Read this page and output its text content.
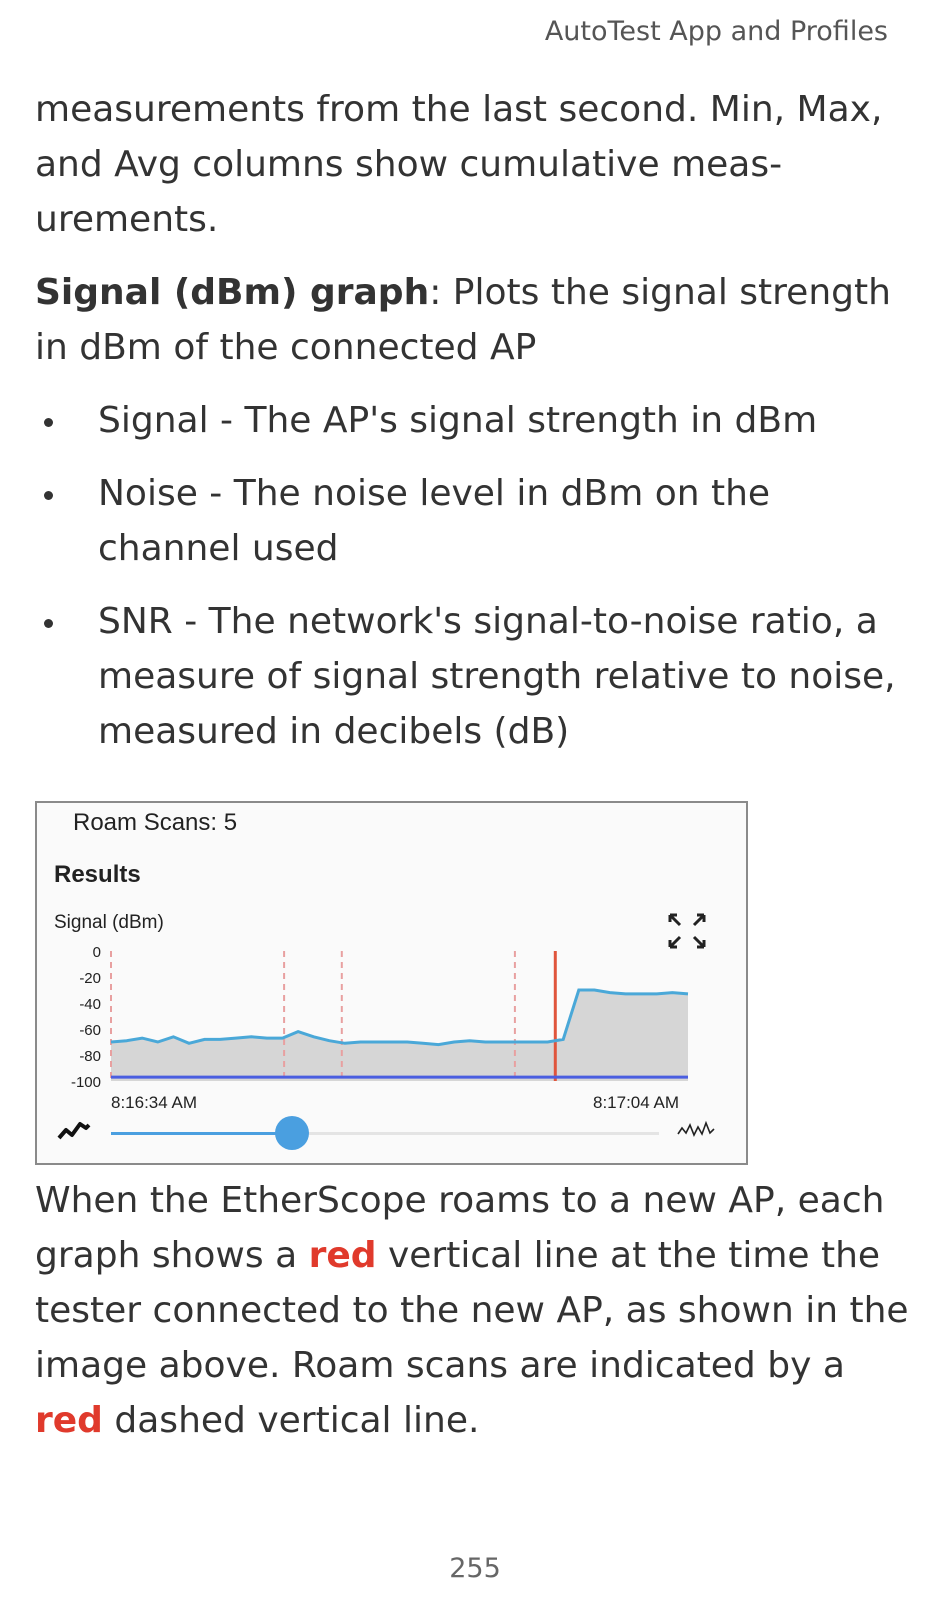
AutoTest App and Profiles

measurements from the last second. Min, Max, and Avg columns show cumulative measurements.

Signal (dBm) graph: Plots the signal strength in dBm of the connected AP

Signal - The AP's signal strength in dBm
Noise - The noise level in dBm on the channel used
SNR - The network's signal-to-noise ratio, a measure of signal strength relative to noise, measured in decibels (dB)
Roam Scans: 5
Results
Signal (dBm)
0
-20
-40
-60
-80
-100
8:16:34 AM	8:17:04 AM

When the EtherScope roams to a new AP, each graph shows a red vertical line at the time the tester connected to the new AP, as shown in the image above. Roam scans are indicated by a red dashed vertical line.

255
